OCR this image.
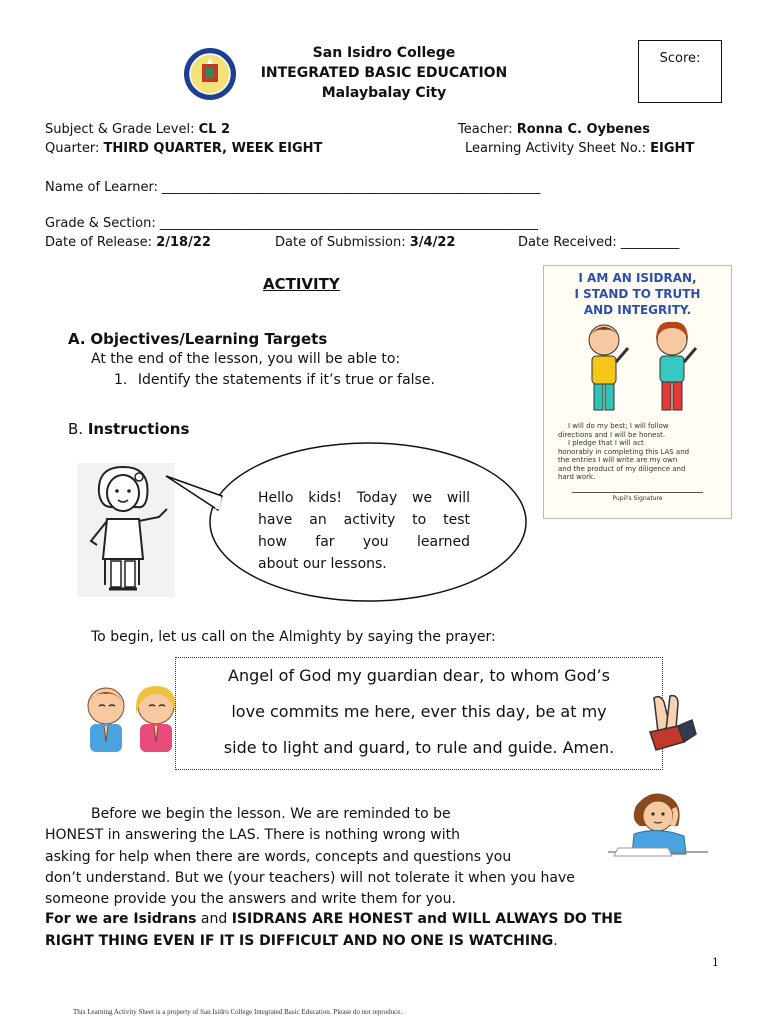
San Isidro College
INTEGRATED BASIC EDUCATION
Malaybalay City
Score:
Subject & Grade Level: CL 2	Teacher: Ronna C. Oybenes
Quarter: THIRD QUARTER, WEEK EIGHT	Learning Activity Sheet No.: EIGHT
Name of Learner: ________________________________________________________________
Grade & Section: ________________________________________________________________
Date of Release: 2/18/22	Date of Submission: 3/4/22	Date Received: _________
ACTIVITY
A. Objectives/Learning Targets
At the end of the lesson, you will be able to:
1. Identify the statements if it’s true or false.
B. Instructions
Hello kids! Today we will
have an activity to test
how far you learned
about our lessons.
I AM AN ISIDRAN,
I STAND TO TRUTH
AND INTEGRITY.
I will do my best; I will follow
directions and I will be honest.
I pledge that I will act
honorably in completing this LAS and
the entries I will write are my own
and the product of my diligence and
hard work.
Pupil's Signature
To begin, let us call on the Almighty by saying the prayer:
Angel of God my guardian dear, to whom God’s
love commits me here, ever this day, be at my
side to light and guard, to rule and guide. Amen.
Before we begin the lesson. We are reminded to be
HONEST in answering the LAS. There is nothing wrong with
asking for help when there are words, concepts and questions you
don’t understand. But we (your teachers) will not tolerate it when you have
someone provide you the answers and write them for you.
For we are Isidrans and ISIDRANS ARE HONEST and WILL ALWAYS DO THE
RIGHT THING EVEN IF IT IS DIFFICULT AND NO ONE IS WATCHING.
1
This Learning Activity Sheet is a property of San Isidro College Integrated Basic Education. Please do not reproduce.
